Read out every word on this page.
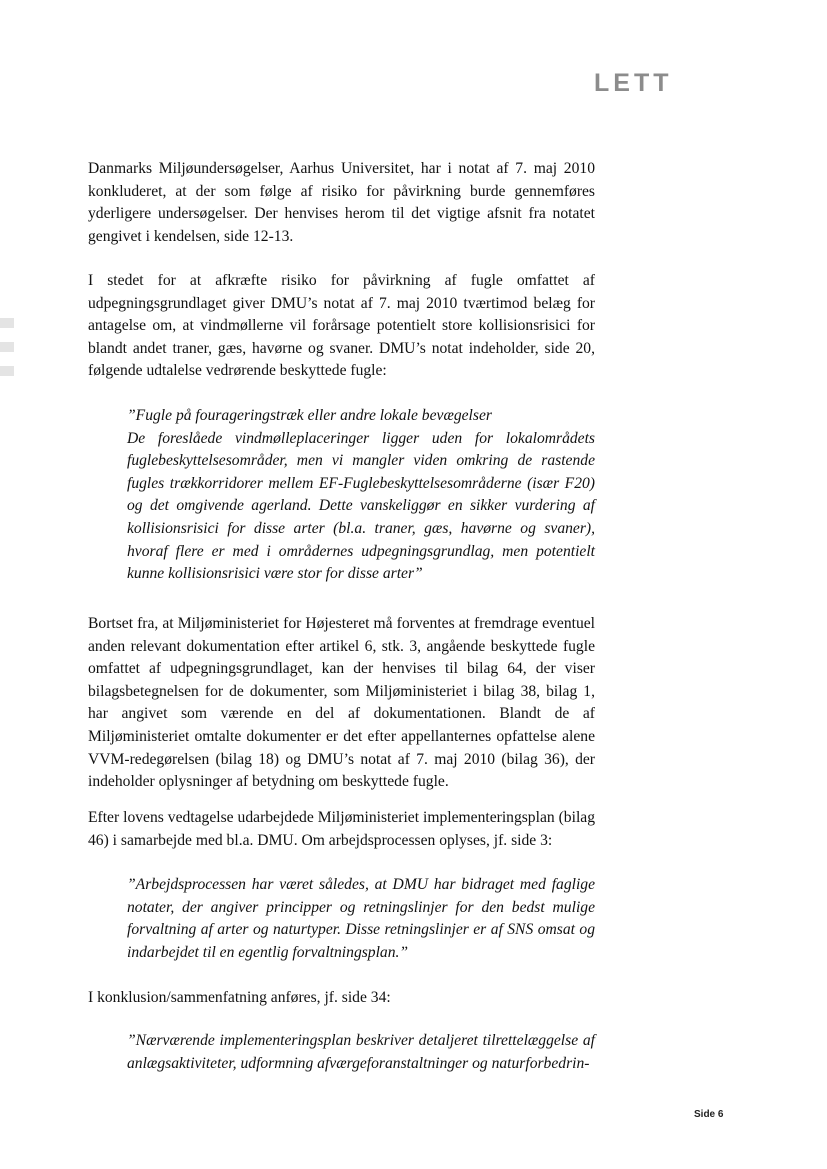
LETT

Danmarks Miljøundersøgelser, Aarhus Universitet, har i notat af 7. maj 2010 konkluderet, at der som følge af risiko for påvirkning burde gennemføres yderligere undersøgelser. Der henvises herom til det vigtige afsnit fra notatet gengivet i kendelsen, side 12-13.

I stedet for at afkræfte risiko for påvirkning af fugle omfattet af udpegningsgrundlaget giver DMU’s notat af 7. maj 2010 tværtimod belæg for antagelse om, at vindmøllerne vil forårsage potentielt store kollisionsrisici for blandt andet traner, gæs, havørne og svaner. DMU’s notat indeholder, side 20, følgende udtalelse vedrørende beskyttede fugle:

”Fugle på fourageringstræk eller andre lokale bevægelser
De foreslåede vindmølleplaceringer ligger uden for lokalområdets fuglebeskyttelsesområder, men vi mangler viden omkring de rastende fugles trækkorridorer mellem EF-Fuglebeskyttelsesområderne (især F20) og det omgivende agerland. Dette vanskeliggør en sikker vurdering af kollisionsrisici for disse arter (bl.a. traner, gæs, havørne og svaner), hvoraf flere er med i områdernes udpegningsgrundlag, men potentielt kunne kollisionsrisici være stor for disse arter”

Bortset fra, at Miljøministeriet for Højesteret må forventes at fremdrage eventuel anden relevant dokumentation efter artikel 6, stk. 3, angående beskyttede fugle omfattet af udpegningsgrundlaget, kan der henvises til bilag 64, der viser bilagsbetegnelsen for de dokumenter, som Miljøministeriet i bilag 38, bilag 1, har angivet som værende en del af dokumentationen. Blandt de af Miljøministeriet omtalte dokumenter er det efter appellanternes opfattelse alene VVM-redegørelsen (bilag 18) og DMU’s notat af 7. maj 2010 (bilag 36), der indeholder oplysninger af betydning om beskyttede fugle.

Efter lovens vedtagelse udarbejdede Miljøministeriet implementeringsplan (bilag 46) i samarbejde med bl.a. DMU. Om arbejdsprocessen oplyses, jf. side 3:

”Arbejdsprocessen har været således, at DMU har bidraget med faglige notater, der angiver principper og retningslinjer for den bedst mulige forvaltning af arter og naturtyper. Disse retningslinjer er af SNS omsat og indarbejdet til en egentlig forvaltningsplan.”

I konklusion/sammenfatning anføres, jf. side 34:

”Nærværende implementeringsplan beskriver detaljeret tilrettelæggelse af anlægsaktiviteter, udformning afværgeforanstaltninger og naturforbedrin-

Side 6
